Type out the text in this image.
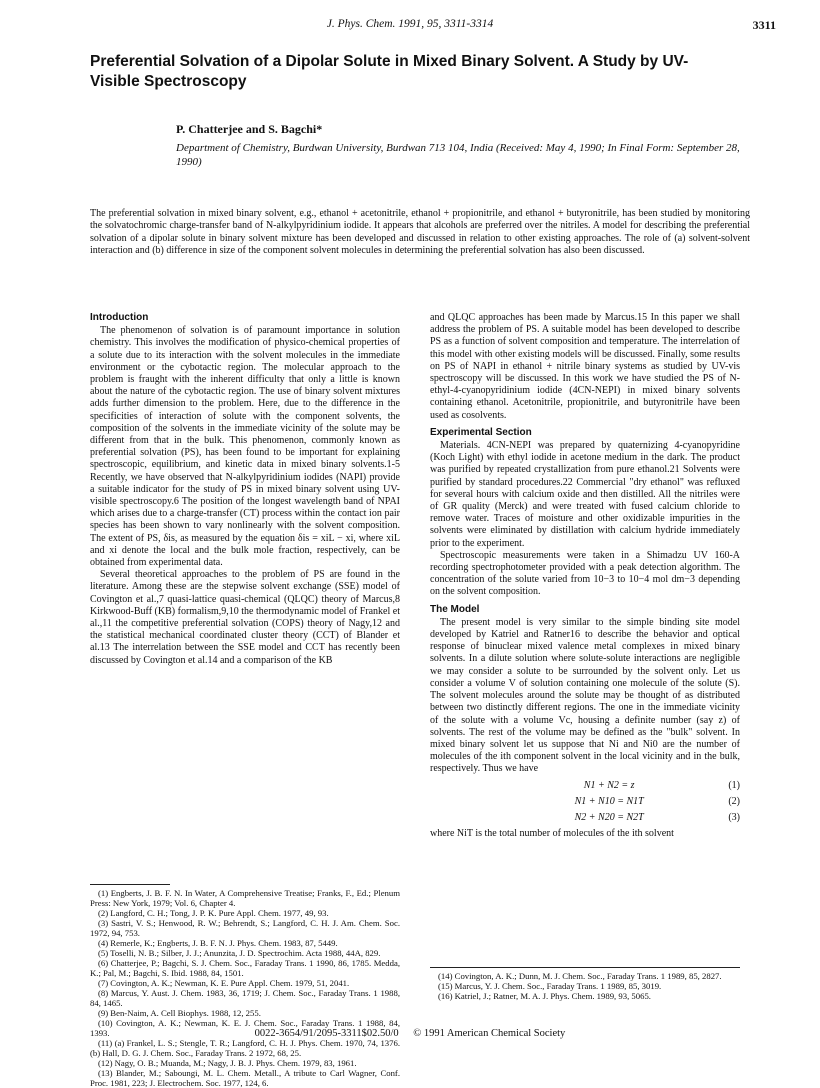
J. Phys. Chem. 1991, 95, 3311-3314	3311
Preferential Solvation of a Dipolar Solute in Mixed Binary Solvent. A Study by UV-Visible Spectroscopy
P. Chatterjee and S. Bagchi*
Department of Chemistry, Burdwan University, Burdwan 713 104, India (Received: May 4, 1990; In Final Form: September 28, 1990)
The preferential solvation in mixed binary solvent, e.g., ethanol + acetonitrile, ethanol + propionitrile, and ethanol + butyronitrile, has been studied by monitoring the solvatochromic charge-transfer band of N-alkylpyridinium iodide. It appears that alcohols are preferred over the nitriles. A model for describing the preferential solvation of a dipolar solute in binary solvent mixture has been developed and discussed in relation to other existing approaches. The role of (a) solvent-solvent interaction and (b) difference in size of the component solvent molecules in determining the preferential solvation has also been discussed.
Introduction

The phenomenon of solvation is of paramount importance in solution chemistry. This involves the modification of physico-chemical properties of a solute due to its interaction with the solvent molecules in the immediate environment or the cybotactic region. The molecular approach to the problem is fraught with the inherent difficulty that only a little is known about the nature of the cybotactic region. The use of binary solvent mixtures adds further dimension to the problem. Here, due to the difference in the specificities of interaction of solute with the component solvents, the composition of the solvents in the immediate vicinity of the solute may be different from that in the bulk. This phenomenon, commonly known as preferential solvation (PS), has been found to be important for explaining spectroscopic, equilibrium, and kinetic data in mixed binary solvents.1-5 Recently, we have observed that N-alkylpyridinium iodides (NAPI) provide a suitable indicator for the study of PS in mixed binary solvent using UV-visible spectroscopy.6 The position of the longest wavelength band of NPAI which arises due to a charge-transfer (CT) process within the contact ion pair species has been shown to vary nonlinearly with the solvent composition. The extent of PS, δis, as measured by the equation δis = xiL − xi, where xiL and xi denote the local and the bulk mole fraction, respectively, can be obtained from experimental data.

Several theoretical approaches to the problem of PS are found in the literature. Among these are the stepwise solvent exchange (SSE) model of Covington et al.,7 quasi-lattice quasi-chemical (QLQC) theory of Marcus,8 Kirkwood-Buff (KB) formalism,9,10 the thermodynamic model of Frankel et al.,11 the competitive preferential solvation (COPS) theory of Nagy,12 and the statistical mechanical coordinated cluster theory (CCT) of Blander et al.13 The interrelation between the SSE model and CCT has recently been discussed by Covington et al.14 and a comparison of the KB

(1) Engberts, J. B. F. N. In Water, A Comprehensive Treatise; Franks, F., Ed.; Plenum Press: New York, 1979; Vol. 6, Chapter 4.
(2) Langford, C. H.; Tong, J. P. K. Pure Appl. Chem. 1977, 49, 93.
(3) Sastri, V. S.; Henwood, R. W.; Behrendt, S.; Langford, C. H. J. Am. Chem. Soc. 1972, 94, 753.
(4) Remerle, K.; Engberts, J. B. F. N. J. Phys. Chem. 1983, 87, 5449.
(5) Toselli, N. B.; Silber, J. J.; Anunzita, J. D. Spectrochim. Acta 1988, 44A, 829.
(6) Chatterjee, P.; Bagchi, S. J. Chem. Soc., Faraday Trans. 1 1990, 86, 1785. Medda, K.; Pal, M.; Bagchi, S. Ibid. 1988, 84, 1501.
(7) Covington, A. K.; Newman, K. E. Pure Appl. Chem. 1979, 51, 2041.
(8) Marcus, Y. Aust. J. Chem. 1983, 36, 1719; J. Chem. Soc., Faraday Trans. 1 1988, 84, 1465.
(9) Ben-Naim, A. Cell Biophys. 1988, 12, 255.
(10) Covington, A. K.; Newman, K. E. J. Chem. Soc., Faraday Trans. 1 1988, 84, 1393.
(11) (a) Frankel, L. S.; Stengle, T. R.; Langford, C. H. J. Phys. Chem. 1970, 74, 1376. (b) Hall, D. G. J. Chem. Soc., Faraday Trans. 2 1972, 68, 25.
(12) Nagy, O. B.; Muanda, M.; Nagy, J. B. J. Phys. Chem. 1979, 83, 1961.
(13) Blander, M.; Saboungi, M. L. Chem. Metall., A tribute to Carl Wagner, Conf. Proc. 1981, 223; J. Electrochem. Soc. 1977, 124, 6.

and QLQC approaches has been made by Marcus.15 In this paper we shall address the problem of PS. A suitable model has been developed to describe PS as a function of solvent composition and temperature. The interrelation of this model with other existing models will be discussed. Finally, some results on PS of NAPI in ethanol + nitrile binary systems as studied by UV-vis spectroscopy will be discussed. In this work we have studied the PS of N-ethyl-4-cyanopyridinium iodide (4CN-NEPI) in mixed binary solvents containing ethanol. Acetonitrile, propionitrile, and butyronitrile have been used as cosolvents.

Experimental Section

Materials. 4CN-NEPI was prepared by quaternizing 4-cyanopyridine (Koch Light) with ethyl iodide in acetone medium in the dark. The product was purified by repeated crystallization from pure ethanol.21 Solvents were purified by standard procedures.22 Commercial "dry ethanol" was refluxed for several hours with calcium oxide and then distilled. All the nitriles were of GR quality (Merck) and were treated with fused calcium chloride to remove water. Traces of moisture and other oxidizable impurities in the solvents were eliminated by distillation with calcium hydride immediately prior to the experiment.

Spectroscopic measurements were taken in a Shimadzu UV 160-A recording spectrophotometer provided with a peak detection algorithm. The concentration of the solute varied from 10−3 to 10−4 mol dm−3 depending on the solvent composition.

The Model

The present model is very similar to the simple binding site model developed by Katriel and Ratner16 to describe the behavior and optical response of binuclear mixed valence metal complexes in mixed binary solvents. In a dilute solution where solute-solute interactions are negligible we may consider a solute to be surrounded by the solvent only. Let us consider a volume V of solution containing one molecule of the solute (S). The solvent molecules around the solute may be thought of as distributed between two distinctly different regions. The one in the immediate vicinity of the solute with a volume Vc, housing a definite number (say z) of solvents. The rest of the volume may be defined as the "bulk" solvent. In mixed binary solvent let us suppose that Ni and Ni0 are the number of molecules of the ith component solvent in the local vicinity and in the bulk, respectively. Thus we have

N1 + N2 = z	(1)
N1 + N10 = N1T	(2)
N2 + N20 = N2T	(3)

where NiT is the total number of molecules of the ith solvent

(14) Covington, A. K.; Dunn, M. J. Chem. Soc., Faraday Trans. 1 1989, 85, 2827.
(15) Marcus, Y. J. Chem. Soc., Faraday Trans. 1 1989, 85, 3019.
(16) Katriel, J.; Ratner, M. A. J. Phys. Chem. 1989, 93, 5065.
0022-3654/91/2095-3311$02.50/0 © 1991 American Chemical Society
